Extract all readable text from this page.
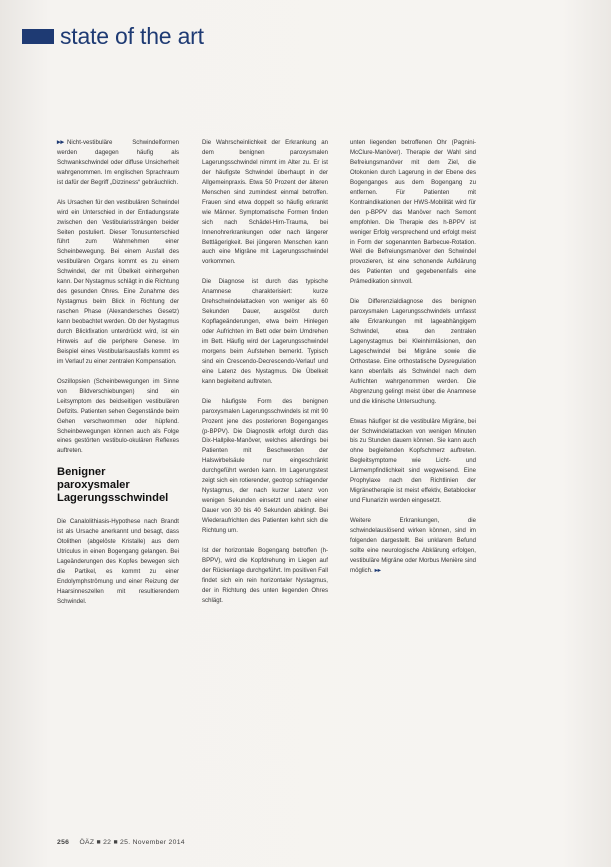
state of the art

▸▸ Nicht-vestibuläre Schwindelformen werden dagegen häufig als Schwankschwindel oder diffuse Unsicherheit wahrgenommen. Im englischen Sprachraum ist dafür der Begriff „Dizziness“ gebräuchlich.

Als Ursachen für den vestibulären Schwindel wird ein Unterschied in der Entladungsrate zwischen den Vestibularissträngen beider Seiten postuliert. Dieser Tonusunterschied führt zum Wahrnehmen einer Scheinbewegung. Bei einem Ausfall des vestibulären Organs kommt es zu einem Schwindel, der mit Übelkeit einhergehen kann. Der Nystagmus schlägt in die Richtung des gesunden Ohres. Eine Zunahme des Nystagmus beim Blick in Richtung der raschen Phase (Alexandersches Gesetz) kann beobachtet werden. Ob der Nystagmus durch Blickfixation unterdrückt wird, ist ein Hinweis auf die periphere Genese. Im Beispiel eines Vestibularisausfalls kommt es im Verlauf zu einer zentralen Kompensation.

Oszillopsien (Scheinbewegungen im Sinne von Bildverschiebungen) sind ein Leitsymptom des beidseitigen vestibulären Defizits. Patienten sehen Gegenstände beim Gehen verschwommen oder hüpfend. Scheinbewegungen können auch als Folge eines gestörten vestibulo-okulären Reflexes auftreten.

Benigner paroxysmaler Lagerungsschwindel

Die Canalolithiasis-Hypothese nach Brandt ist als Ursache anerkannt und besagt, dass Otolithen (abgelöste Kristalle) aus dem Utriculus in einen Bogengang gelangen. Bei Lageänderungen des Kopfes bewegen sich die Partikel, es kommt zu einer Endolymphströmung und einer Reizung der Haarsinneszellen mit resultierendem Schwindel.

Die Wahrscheinlichkeit der Erkrankung an dem benignen paroxysmalen Lagerungsschwindel nimmt im Alter zu. Er ist der häufigste Schwindel überhaupt in der Allgemeinpraxis. Etwa 50 Prozent der älteren Menschen sind zumindest einmal betroffen. Frauen sind etwa doppelt so häufig erkrankt wie Männer. Symptomatische Formen finden sich nach Schädel-Hirn-Trauma, bei Innenohrerkrankungen oder nach längerer Bettlägerigkeit. Bei jüngeren Menschen kann auch eine Migräne mit Lagerungsschwindel vorkommen.

Die Diagnose ist durch das typische Anamnese charakterisiert: kurze Drehschwindelattacken von weniger als 60 Sekunden Dauer, ausgelöst durch Kopflageänderungen, etwa beim Hinlegen oder Aufrichten im Bett oder beim Umdrehen im Bett. Häufig wird der Lagerungsschwindel morgens beim Aufstehen bemerkt. Typisch sind ein Crescendo-Decrescendo-Verlauf und eine Latenz des Nystagmus. Die Übelkeit kann begleitend auftreten.

Die häufigste Form des benignen paroxysmalen Lagerungsschwindels ist mit 90 Prozent jene des posterioren Bogenganges (p-BPPV). Die Diagnostik erfolgt durch das Dix-Hallpike-Manöver, welches allerdings bei Patienten mit Beschwerden der Halswirbelsäule nur eingeschränkt durchgeführt werden kann. Im Lagerungstest zeigt sich ein rotierender, geotrop schlagender Nystagmus, der nach kurzer Latenz von wenigen Sekunden einsetzt und nach einer Dauer von 30 bis 40 Sekunden abklingt. Bei Wiederaufrichten des Patienten kehrt sich die Richtung um.

Ist der horizontale Bogengang betroffen (h-BPPV), wird die Kopfdrehung im Liegen auf der Rückenlage durchgeführt. Im positiven Fall findet sich ein rein horizontaler Nystagmus, der in Richtung des unten liegenden Ohres schlägt.

unten liegenden betroffenen Ohr (Pagnini-McClure-Manöver). Therapie der Wahl sind Befreiungsmanöver mit dem Ziel, die Otokonien durch Lagerung in der Ebene des Bogenganges aus dem Bogengang zu entfernen. Für Patienten mit Kontraindikationen der HWS-Mobilität wird für den p-BPPV das Manöver nach Semont empfohlen. Die Therapie des h-BPPV ist weniger Erfolg versprechend und erfolgt meist in Form der sogenannten Barbecue-Rotation. Weil die Befreiungsmanöver den Schwindel provozieren, ist eine schonende Aufklärung des Patienten und gegebenenfalls eine Prämedikation sinnvoll.

Die Differenzialdiagnose des benignen paroxysmalen Lagerungsschwindels umfasst alle Erkrankungen mit lageabhängigem Schwindel, etwa den zentralen Lagenystagmus bei Kleinhirnläsionen, den Lageschwindel bei Migräne sowie die Orthostase. Eine orthostatische Dysregulation kann ebenfalls als Schwindel nach dem Aufrichten wahrgenommen werden. Die Abgrenzung gelingt meist über die Anamnese und die klinische Untersuchung.

Etwas häufiger ist die vestibuläre Migräne, bei der Schwindelattacken von wenigen Minuten bis zu Stunden dauern können. Sie kann auch ohne begleitenden Kopfschmerz auftreten. Begleitsymptome wie Licht- und Lärmempfindlichkeit sind wegweisend. Eine Prophylaxe nach den Richtlinien der Migränetherapie ist meist effektiv, Betablocker und Flunarizin werden eingesetzt.

Weitere Erkrankungen, die schwindelauslösend wirken können, sind im folgenden dargestellt. Bei unklarem Befund sollte eine neurologische Abklärung erfolgen, vestibuläre Migräne oder Morbus Menière sind möglich. ▸▸

256 ÖÄZ ■ 22 ■ 25. November 2014
